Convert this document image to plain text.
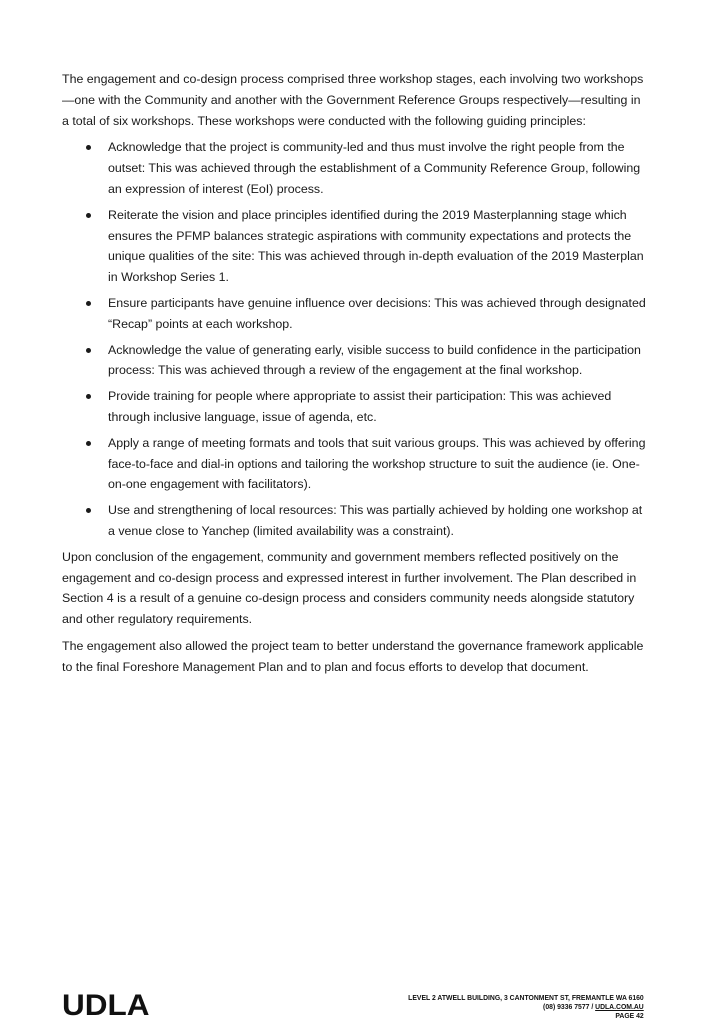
The engagement and co-design process comprised three workshop stages, each involving two workshops—one with the Community and another with the Government Reference Groups respectively—resulting in a total of six workshops. These workshops were conducted with the following guiding principles:

Acknowledge that the project is community-led and thus must involve the right people from the outset: This was achieved through the establishment of a Community Reference Group, following an expression of interest (EoI) process.
Reiterate the vision and place principles identified during the 2019 Masterplanning stage which ensures the PFMP balances strategic aspirations with community expectations and protects the unique qualities of the site: This was achieved through in-depth evaluation of the 2019 Masterplan in Workshop Series 1.
Ensure participants have genuine influence over decisions: This was achieved through designated “Recap” points at each workshop.
Acknowledge the value of generating early, visible success to build confidence in the participation process: This was achieved through a review of the engagement at the final workshop.
Provide training for people where appropriate to assist their participation: This was achieved through inclusive language, issue of agenda, etc.
Apply a range of meeting formats and tools that suit various groups. This was achieved by offering face-to-face and dial-in options and tailoring the workshop structure to suit the audience (ie. One-on-one engagement with facilitators).
Use and strengthening of local resources: This was partially achieved by holding one workshop at a venue close to Yanchep (limited availability was a constraint).

Upon conclusion of the engagement, community and government members reflected positively on the engagement and co-design process and expressed interest in further involvement. The Plan described in Section 4 is a result of a genuine co-design process and considers community needs alongside statutory and other regulatory requirements.

The engagement also allowed the project team to better understand the governance framework applicable to the final Foreshore Management Plan and to plan and focus efforts to develop that document.

UDLA	LEVEL 2 ATWELL BUILDING, 3 CANTONMENT ST, FREMANTLE WA 6160
(08) 9336 7577 / UDLA.COM.AU
PAGE 42
